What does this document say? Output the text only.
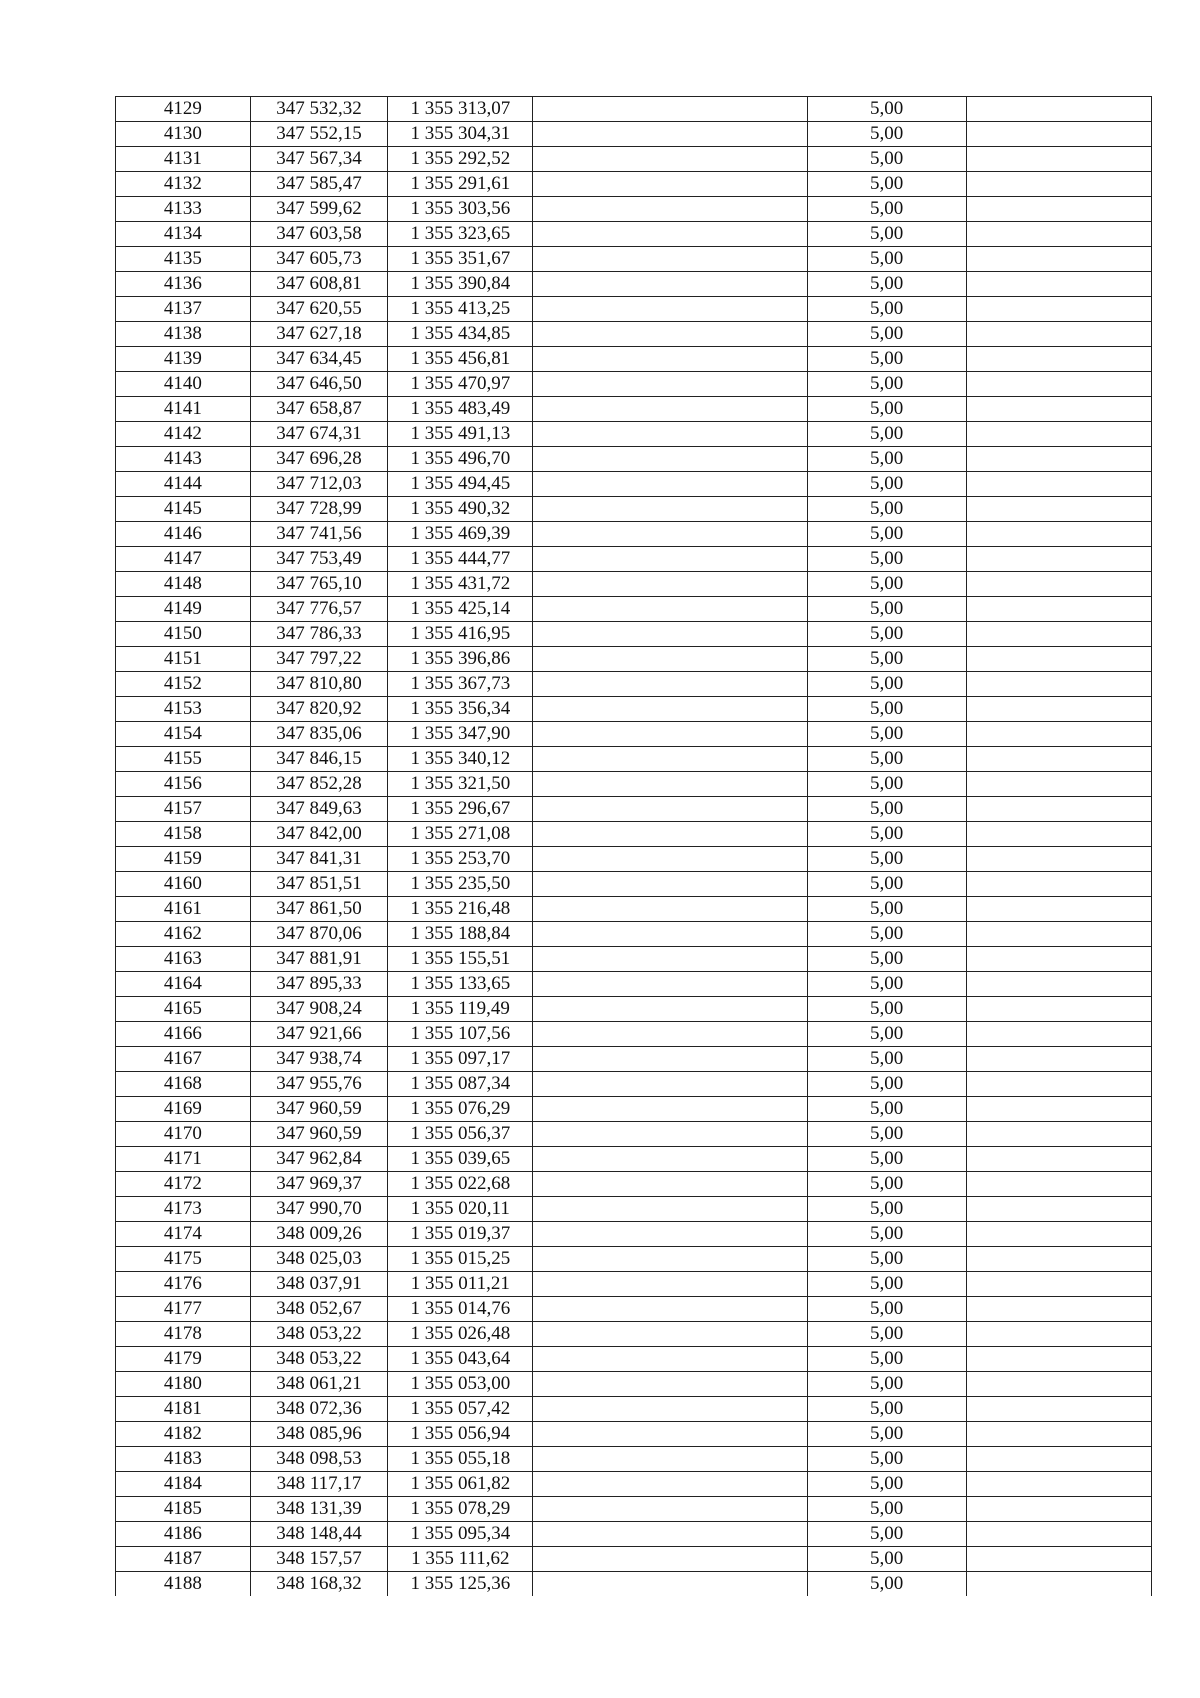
4129	347 532,32	1 355 313,07		5,00	
4130	347 552,15	1 355 304,31		5,00	
4131	347 567,34	1 355 292,52		5,00	
4132	347 585,47	1 355 291,61		5,00	
4133	347 599,62	1 355 303,56		5,00	
4134	347 603,58	1 355 323,65		5,00	
4135	347 605,73	1 355 351,67		5,00	
4136	347 608,81	1 355 390,84		5,00	
4137	347 620,55	1 355 413,25		5,00	
4138	347 627,18	1 355 434,85		5,00	
4139	347 634,45	1 355 456,81		5,00	
4140	347 646,50	1 355 470,97		5,00	
4141	347 658,87	1 355 483,49		5,00	
4142	347 674,31	1 355 491,13		5,00	
4143	347 696,28	1 355 496,70		5,00	
4144	347 712,03	1 355 494,45		5,00	
4145	347 728,99	1 355 490,32		5,00	
4146	347 741,56	1 355 469,39		5,00	
4147	347 753,49	1 355 444,77		5,00	
4148	347 765,10	1 355 431,72		5,00	
4149	347 776,57	1 355 425,14		5,00	
4150	347 786,33	1 355 416,95		5,00	
4151	347 797,22	1 355 396,86		5,00	
4152	347 810,80	1 355 367,73		5,00	
4153	347 820,92	1 355 356,34		5,00	
4154	347 835,06	1 355 347,90		5,00	
4155	347 846,15	1 355 340,12		5,00	
4156	347 852,28	1 355 321,50		5,00	
4157	347 849,63	1 355 296,67		5,00	
4158	347 842,00	1 355 271,08		5,00	
4159	347 841,31	1 355 253,70		5,00	
4160	347 851,51	1 355 235,50		5,00	
4161	347 861,50	1 355 216,48		5,00	
4162	347 870,06	1 355 188,84		5,00	
4163	347 881,91	1 355 155,51		5,00	
4164	347 895,33	1 355 133,65		5,00	
4165	347 908,24	1 355 119,49		5,00	
4166	347 921,66	1 355 107,56		5,00	
4167	347 938,74	1 355 097,17		5,00	
4168	347 955,76	1 355 087,34		5,00	
4169	347 960,59	1 355 076,29		5,00	
4170	347 960,59	1 355 056,37		5,00	
4171	347 962,84	1 355 039,65		5,00	
4172	347 969,37	1 355 022,68		5,00	
4173	347 990,70	1 355 020,11		5,00	
4174	348 009,26	1 355 019,37		5,00	
4175	348 025,03	1 355 015,25		5,00	
4176	348 037,91	1 355 011,21		5,00	
4177	348 052,67	1 355 014,76		5,00	
4178	348 053,22	1 355 026,48		5,00	
4179	348 053,22	1 355 043,64		5,00	
4180	348 061,21	1 355 053,00		5,00	
4181	348 072,36	1 355 057,42		5,00	
4182	348 085,96	1 355 056,94		5,00	
4183	348 098,53	1 355 055,18		5,00	
4184	348 117,17	1 355 061,82		5,00	
4185	348 131,39	1 355 078,29		5,00	
4186	348 148,44	1 355 095,34		5,00	
4187	348 157,57	1 355 111,62		5,00	
4188	348 168,32	1 355 125,36		5,00	
